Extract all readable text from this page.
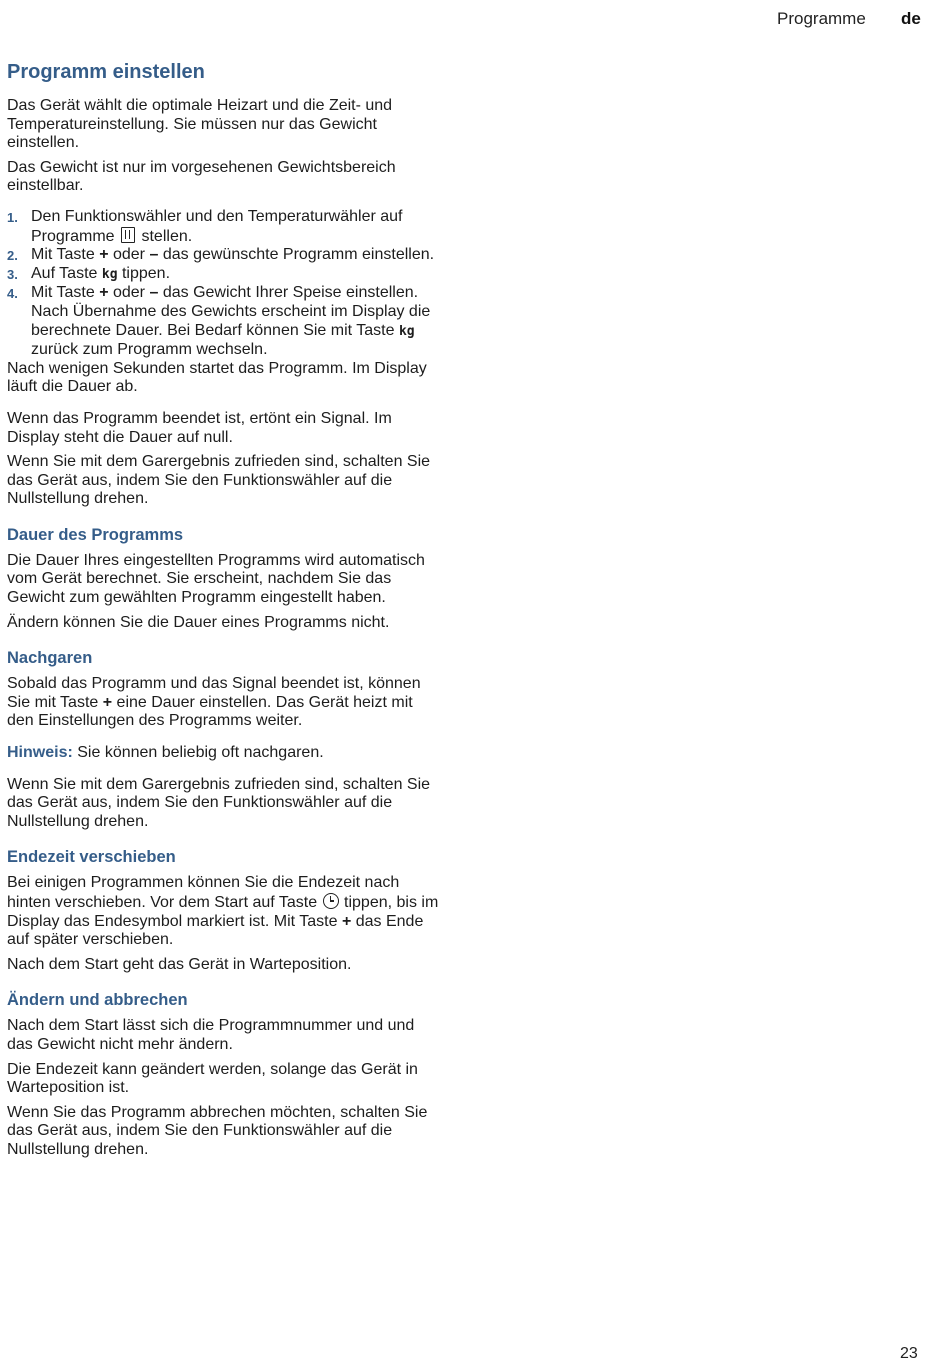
Programme de
Programm einstellen

Das Gerät wählt die optimale Heizart und die Zeit- und Temperatureinstellung. Sie müssen nur das Gewicht einstellen.

Das Gewicht ist nur im vorgesehenen Gewichtsbereich einstellbar.

1. Den Funktionswähler und den Temperaturwähler auf Programme stellen.
2. Mit Taste + oder – das gewünschte Programm einstellen.
3. Auf Taste kg tippen.
4. Mit Taste + oder – das Gewicht Ihrer Speise einstellen.
Nach Übernahme des Gewichts erscheint im Display die berechnete Dauer. Bei Bedarf können Sie mit Taste kg zurück zum Programm wechseln.

Nach wenigen Sekunden startet das Programm. Im Display läuft die Dauer ab.

Wenn das Programm beendet ist, ertönt ein Signal. Im Display steht die Dauer auf null.

Wenn Sie mit dem Garergebnis zufrieden sind, schalten Sie das Gerät aus, indem Sie den Funktionswähler auf die Nullstellung drehen.

Dauer des Programms

Die Dauer Ihres eingestellten Programms wird automatisch vom Gerät berechnet. Sie erscheint, nachdem Sie das Gewicht zum gewählten Programm eingestellt haben.

Ändern können Sie die Dauer eines Programms nicht.

Nachgaren

Sobald das Programm und das Signal beendet ist, können Sie mit Taste + eine Dauer einstellen. Das Gerät heizt mit den Einstellungen des Programms weiter.

Hinweis: Sie können beliebig oft nachgaren.

Wenn Sie mit dem Garergebnis zufrieden sind, schalten Sie das Gerät aus, indem Sie den Funktionswähler auf die Nullstellung drehen.

Endezeit verschieben

Bei einigen Programmen können Sie die Endezeit nach hinten verschieben. Vor dem Start auf Taste tippen, bis im Display das Endesymbol markiert ist. Mit Taste + das Ende auf später verschieben.

Nach dem Start geht das Gerät in Warteposition.

Ändern und abbrechen

Nach dem Start lässt sich die Programmnummer und und das Gewicht nicht mehr ändern.

Die Endezeit kann geändert werden, solange das Gerät in Warteposition ist.

Wenn Sie das Programm abbrechen möchten, schalten Sie das Gerät aus, indem Sie den Funktionswähler auf die Nullstellung drehen.

23
